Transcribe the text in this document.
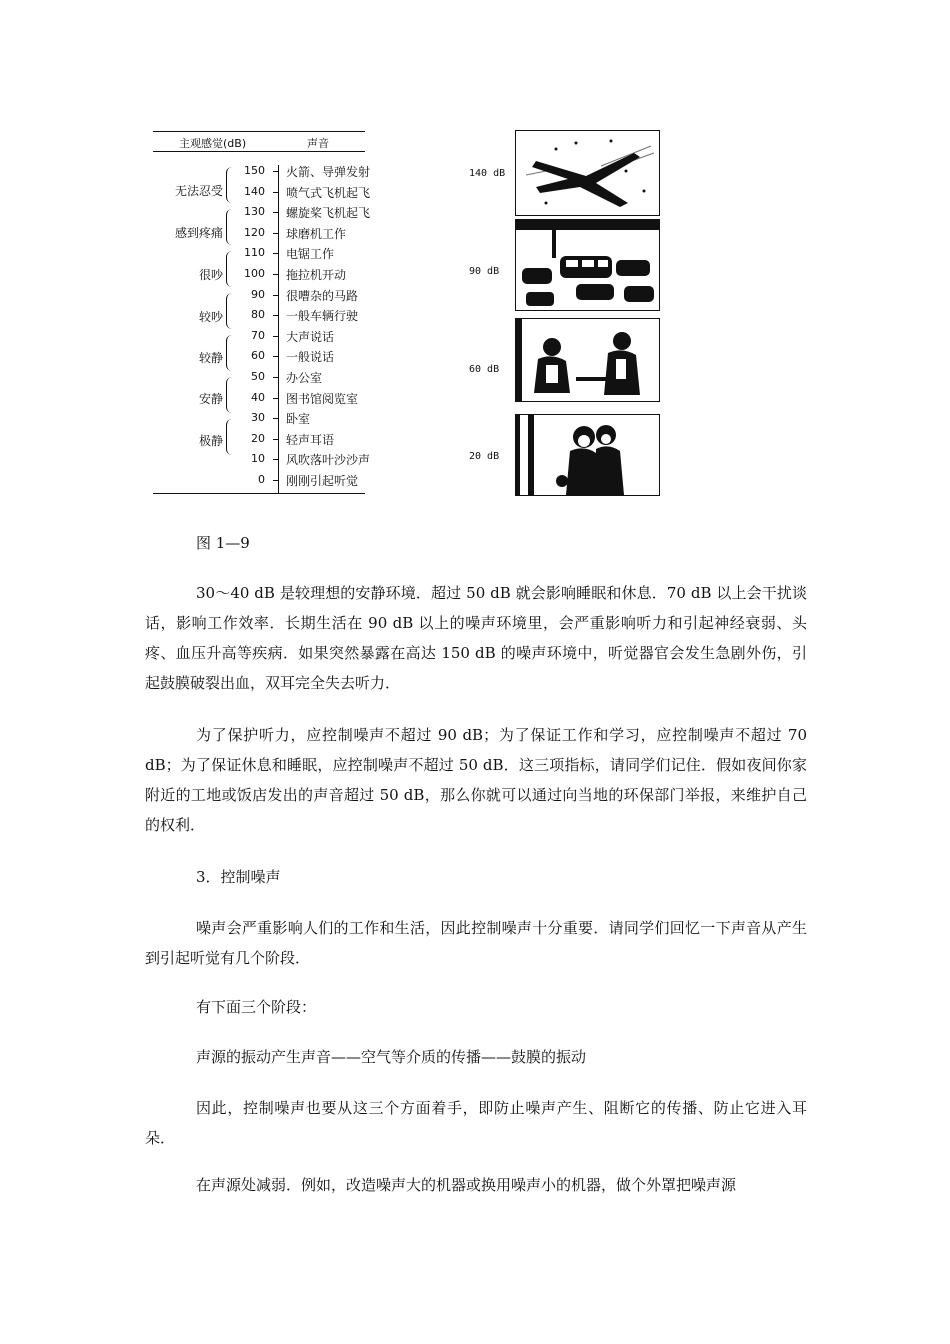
主观感觉(dB)	声音
无法忍受
感到疼痛
很吵
较吵
较静
安静
极静
150 火箭、导弹发射
140 喷气式飞机起飞
130 螺旋桨飞机起飞
120 球磨机工作
110 电锯工作
100 拖拉机开动
90 很嘈杂的马路
80 一般车辆行驶
70 大声说话
60 一般说话
50 办公室
40 图书馆阅览室
30 卧室
20 轻声耳语
10 风吹落叶沙沙声
0 刚刚引起听觉
140 dB
90 dB
60 dB
20 dB
图 1—9

30～40 dB 是较理想的安静环境．超过 50 dB 就会影响睡眠和休息．70 dB 以上会干扰谈话，影响工作效率．长期生活在 90 dB 以上的噪声环境里，会严重影响听力和引起神经衰弱、头疼、血压升高等疾病．如果突然暴露在高达 150 dB 的噪声环境中，听觉器官会发生急剧外伤，引起鼓膜破裂出血，双耳完全失去听力．

为了保护听力，应控制噪声不超过 90 dB；为了保证工作和学习，应控制噪声不超过 70 dB；为了保证休息和睡眠，应控制噪声不超过 50 dB．这三项指标，请同学们记住．假如夜间你家附近的工地或饭店发出的声音超过 50 dB，那么你就可以通过向当地的环保部门举报，来维护自己的权利．

3．控制噪声

噪声会严重影响人们的工作和生活，因此控制噪声十分重要．请同学们回忆一下声音从产生到引起听觉有几个阶段．

有下面三个阶段：

声源的振动产生声音——空气等介质的传播——鼓膜的振动

因此，控制噪声也要从这三个方面着手，即防止噪声产生、阻断它的传播、防止它进入耳朵．

在声源处减弱．例如，改造噪声大的机器或换用噪声小的机器，做个外罩把噪声源
